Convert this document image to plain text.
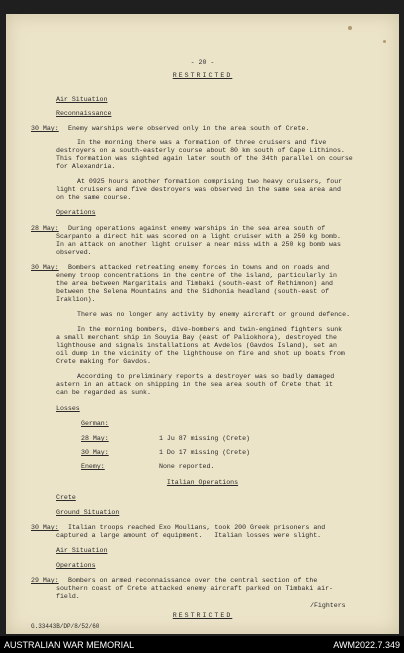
- 20 -
RESTRICTED
Air Situation
Reconnaissance
30 May: Enemy warships were observed only in the area south of Crete.
In the morning there was a formation of three cruisers and five
destroyers on a south-easterly course about 80 km south of Cape Lithinos.
This formation was sighted again later south of the 34th parallel on course
for Alexandria.
At 0925 hours another formation comprising two heavy cruisers, four
light cruisers and five destroyers was observed in the same sea area and
on the same course.
Operations
28 May: During operations against enemy warships in the sea area south of
Scarpanto a direct hit was scored on a light cruiser with a 250 kg bomb.
In an attack on another light cruiser a near miss with a 250 kg bomb was
observed.
30 May: Bombers attacked retreating enemy forces in towns and on roads and
enemy troop concentrations in the centre of the island, particularly in
the area between Margaritais and Timbaki (south-east of Rethimnon) and
between the Selena Mountains and the Sidhonia headland (south-east of
Iraklion).
There was no longer any activity by enemy aircraft or ground defence.
In the morning bombers, dive-bombers and twin-engined fighters sunk
a small merchant ship in Souyia Bay (east of Paliokhora), destroyed the
lighthouse and signals installations at Avdelos (Gavdos Island), set an
oil dump in the vicinity of the lighthouse on fire and shot up boats from
Crete making for Gavdos.
According to preliminary reports a destroyer was so badly damaged
astern in an attack on shipping in the sea area south of Crete that it
can be regarded as sunk.
Losses
German:
28 May:	1 Ju 87 missing (Crete)
30 May:	1 Do 17 missing (Crete)
Enemy:	None reported.
Italian Operations
Crete
Ground Situation
30 May: Italian troops reached Exo Moulians, took 200 Greek prisoners and
captured a large amount of equipment.   Italian losses were slight.
Air Situation
Operations
29 May: Bombers on armed reconnaissance over the central section of the
southern coast of Crete attacked enemy aircraft parked on Timbaki air-
field.
/Fighters
RESTRICTED
G.33443B/DP/8/52/60
AUSTRALIAN WAR MEMORIAL	AWM2022.7.349
